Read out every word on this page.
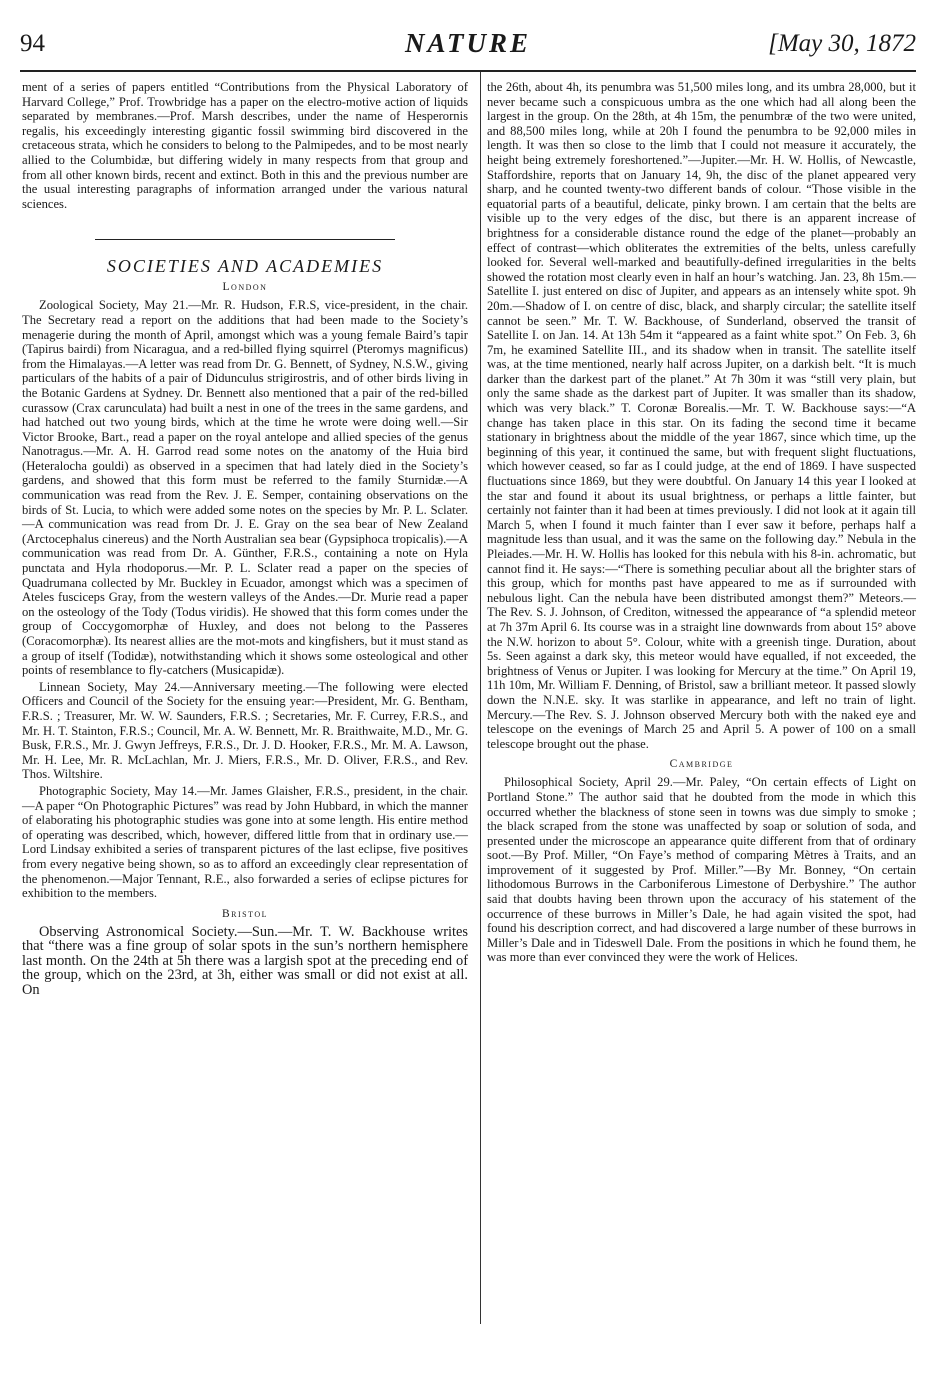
94	NATURE	[May 30, 1872

ment of a series of papers entitled “Contributions from the Physical Laboratory of Harvard College,” Prof. Trowbridge has a paper on the electro-motive action of liquids separated by membranes.—Prof. Marsh describes, under the name of Hesperornis regalis, his exceedingly interesting gigantic fossil swimming bird discovered in the cretaceous strata, which he considers to belong to the Palmipedes, and to be most nearly allied to the Columbidæ, but differing widely in many respects from that group and from all other known birds, recent and extinct. Both in this and the previous number are the usual interesting paragraphs of information arranged under the various natural sciences.

SOCIETIES AND ACADEMIES
London

Zoological Society, May 21.—Mr. R. Hudson, F.R.S, vice-president, in the chair. The Secretary read a report on the additions that had been made to the Society’s menagerie during the month of April, amongst which was a young female Baird’s tapir (Tapirus bairdi) from Nicaragua, and a red-billed flying squirrel (Pteromys magnificus) from the Himalayas.—A letter was read from Dr. G. Bennett, of Sydney, N.S.W., giving particulars of the habits of a pair of Didunculus strigirostris, and of other birds living in the Botanic Gardens at Sydney. Dr. Bennett also mentioned that a pair of the red-billed curassow (Crax carunculata) had built a nest in one of the trees in the same gardens, and had hatched out two young birds, which at the time he wrote were doing well.—Sir Victor Brooke, Bart., read a paper on the royal antelope and allied species of the genus Nanotragus.—Mr. A. H. Garrod read some notes on the anatomy of the Huia bird (Heteralocha gouldi) as observed in a specimen that had lately died in the Society’s gardens, and showed that this form must be referred to the family Sturnidæ.—A communication was read from the Rev. J. E. Semper, containing observations on the birds of St. Lucia, to which were added some notes on the species by Mr. P. L. Sclater.—A communication was read from Dr. J. E. Gray on the sea bear of New Zealand (Arctocephalus cinereus) and the North Australian sea bear (Gypsiphoca tropicalis).—A communication was read from Dr. A. Günther, F.R.S., containing a note on Hyla punctata and Hyla rhodoporus.—Mr. P. L. Sclater read a paper on the species of Quadrumana collected by Mr. Buckley in Ecuador, amongst which was a specimen of Ateles fusciceps Gray, from the western valleys of the Andes.—Dr. Murie read a paper on the osteology of the Tody (Todus viridis). He showed that this form comes under the group of Coccygomorphæ of Huxley, and does not belong to the Passeres (Coracomorphæ). Its nearest allies are the mot-mots and kingfishers, but it must stand as a group of itself (Todidæ), notwithstanding which it shows some osteological and other points of resemblance to fly-catchers (Musicapidæ).

Linnean Society, May 24.—Anniversary meeting.—The following were elected Officers and Council of the Society for the ensuing year:—President, Mr. G. Bentham, F.R.S. ; Treasurer, Mr. W. W. Saunders, F.R.S. ; Secretaries, Mr. F. Currey, F.R.S., and Mr. H. T. Stainton, F.R.S.; Council, Mr. A. W. Bennett, Mr. R. Braithwaite, M.D., Mr. G. Busk, F.R.S., Mr. J. Gwyn Jeffreys, F.R.S., Dr. J. D. Hooker, F.R.S., Mr. M. A. Lawson, Mr. H. Lee, Mr. R. McLachlan, Mr. J. Miers, F.R.S., Mr. D. Oliver, F.R.S., and Rev. Thos. Wiltshire.

Photographic Society, May 14.—Mr. James Glaisher, F.R.S., president, in the chair.—A paper “On Photographic Pictures” was read by John Hubbard, in which the manner of elaborating his photographic studies was gone into at some length. His entire method of operating was described, which, however, differed little from that in ordinary use.—Lord Lindsay exhibited a series of transparent pictures of the last eclipse, five positives from every negative being shown, so as to afford an exceedingly clear representation of the phenomenon.—Major Tennant, R.E., also forwarded a series of eclipse pictures for exhibition to the members.

Bristol

Observing Astronomical Society.—Sun.—Mr. T. W. Backhouse writes that “there was a fine group of solar spots in the sun’s northern hemisphere last month. On the 24th at 5h there was a largish spot at the preceding end of the group, which on the 23rd, at 3h, either was small or did not exist at all. On

the 26th, about 4h, its penumbra was 51,500 miles long, and its umbra 28,000, but it never became such a conspicuous umbra as the one which had all along been the largest in the group. On the 28th, at 4h 15m, the penumbræ of the two were united, and 88,500 miles long, while at 20h I found the penumbra to be 92,000 miles in length. It was then so close to the limb that I could not measure it accurately, the height being extremely foreshortened.”—Jupiter.—Mr. H. W. Hollis, of Newcastle, Staffordshire, reports that on January 14, 9h, the disc of the planet appeared very sharp, and he counted twenty-two different bands of colour. “Those visible in the equatorial parts of a beautiful, delicate, pinky brown. I am certain that the belts are visible up to the very edges of the disc, but there is an apparent increase of brightness for a considerable distance round the edge of the planet—probably an effect of contrast—which obliterates the extremities of the belts, unless carefully looked for. Several well-marked and beautifully-defined irregularities in the belts showed the rotation most clearly even in half an hour’s watching. Jan. 23, 8h 15m.—Satellite I. just entered on disc of Jupiter, and appears as an intensely white spot. 9h 20m.—Shadow of I. on centre of disc, black, and sharply circular; the satellite itself cannot be seen.” Mr. T. W. Backhouse, of Sunderland, observed the transit of Satellite I. on Jan. 14. At 13h 54m it “appeared as a faint white spot.” On Feb. 3, 6h 7m, he examined Satellite III., and its shadow when in transit. The satellite itself was, at the time mentioned, nearly half across Jupiter, on a darkish belt. “It is much darker than the darkest part of the planet.” At 7h 30m it was “still very plain, but only the same shade as the darkest part of Jupiter. It was smaller than its shadow, which was very black.” T. Coronæ Borealis.—Mr. T. W. Backhouse says:—“A change has taken place in this star. On its fading the second time it became stationary in brightness about the middle of the year 1867, since which time, up the beginning of this year, it continued the same, but with frequent slight fluctuations, which however ceased, so far as I could judge, at the end of 1869. I have suspected fluctuations since 1869, but they were doubtful. On January 14 this year I looked at the star and found it about its usual brightness, or perhaps a little fainter, but certainly not fainter than it had been at times previously. I did not look at it again till March 5, when I found it much fainter than I ever saw it before, perhaps half a magnitude less than usual, and it was the same on the following day.” Nebula in the Pleiades.—Mr. H. W. Hollis has looked for this nebula with his 8-in. achromatic, but cannot find it. He says:—“There is something peculiar about all the brighter stars of this group, which for months past have appeared to me as if surrounded with nebulous light. Can the nebula have been distributed amongst them?” Meteors.—The Rev. S. J. Johnson, of Crediton, witnessed the appearance of “a splendid meteor at 7h 37m April 6. Its course was in a straight line downwards from about 15° above the N.W. horizon to about 5°. Colour, white with a greenish tinge. Duration, about 5s. Seen against a dark sky, this meteor would have equalled, if not exceeded, the brightness of Venus or Jupiter. I was looking for Mercury at the time.” On April 19, 11h 10m, Mr. William F. Denning, of Bristol, saw a brilliant meteor. It passed slowly down the N.N.E. sky. It was starlike in appearance, and left no train of light. Mercury.—The Rev. S. J. Johnson observed Mercury both with the naked eye and telescope on the evenings of March 25 and April 5. A power of 100 on a small telescope brought out the phase.

Cambridge

Philosophical Society, April 29.—Mr. Paley, “On certain effects of Light on Portland Stone.” The author said that he doubted from the mode in which this occurred whether the blackness of stone seen in towns was due simply to smoke ; the black scraped from the stone was unaffected by soap or solution of soda, and presented under the microscope an appearance quite different from that of ordinary soot.—By Prof. Miller, “On Faye’s method of comparing Mètres à Traits, and an improvement of it suggested by Prof. Miller.”—By Mr. Bonney, “On certain lithodomous Burrows in the Carboniferous Limestone of Derbyshire.” The author said that doubts having been thrown upon the accuracy of his statement of the occurrence of these burrows in Miller’s Dale, he had again visited the spot, had found his description correct, and had discovered a large number of these burrows in Miller’s Dale and in Tideswell Dale. From the positions in which he found them, he was more than ever convinced they were the work of Helices.
